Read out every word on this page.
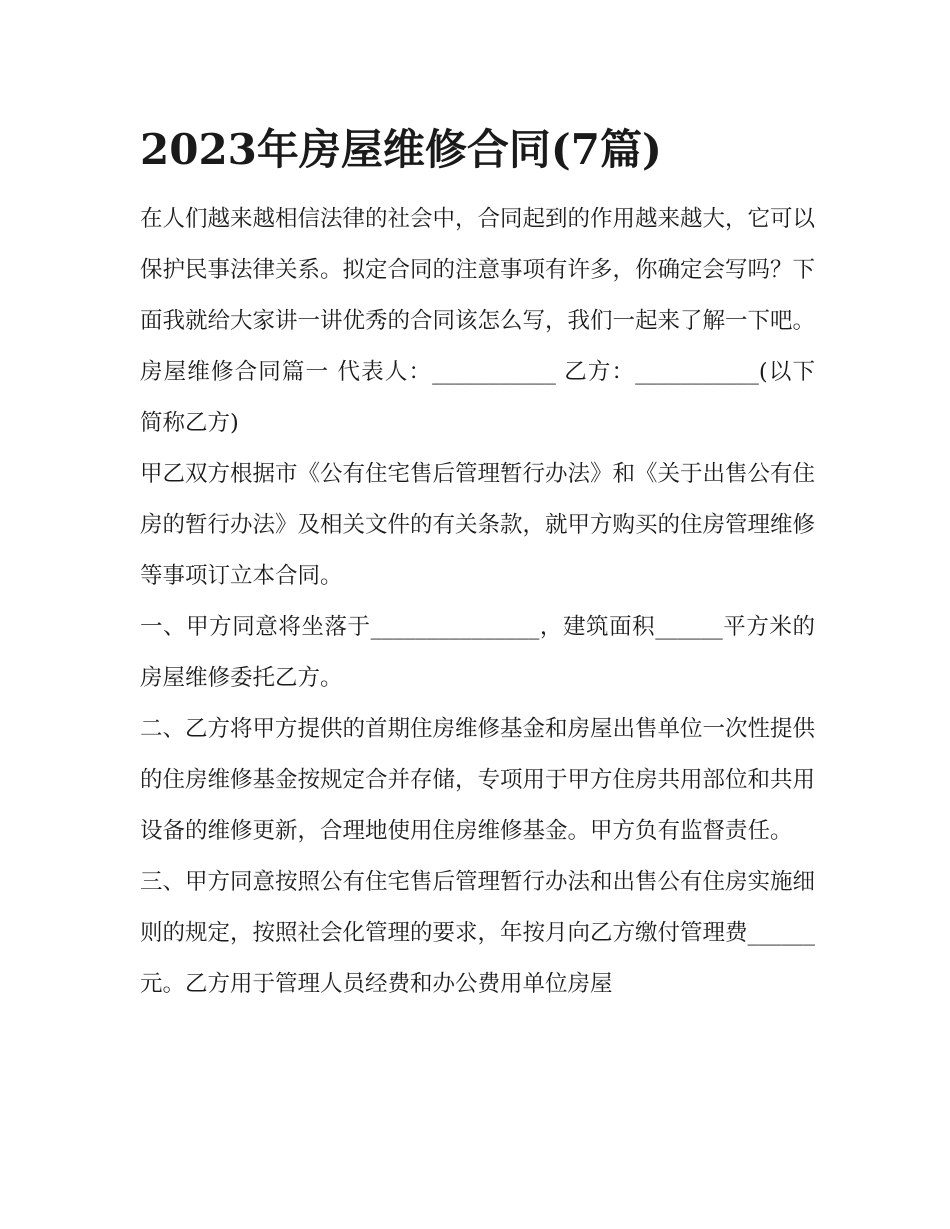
2023年房屋维修合同(7篇)

在人们越来越相信法律的社会中，合同起到的作用越来越大，它可以保护民事法律关系。拟定合同的注意事项有许多，你确定会写吗？下面我就给大家讲一讲优秀的合同该怎么写，我们一起来了解一下吧。

房屋维修合同篇一 代表人：___________ 乙方：___________(以下简称乙方)

甲乙双方根据市《公有住宅售后管理暂行办法》和《关于出售公有住房的暂行办法》及相关文件的有关条款，就甲方购买的住房管理维修等事项订立本合同。

一、甲方同意将坐落于_______________，建筑面积______平方米的房屋维修委托乙方。

二、乙方将甲方提供的首期住房维修基金和房屋出售单位一次性提供的住房维修基金按规定合并存储，专项用于甲方住房共用部位和共用设备的维修更新，合理地使用住房维修基金。甲方负有监督责任。

三、甲方同意按照公有住宅售后管理暂行办法和出售公有住房实施细则的规定，按照社会化管理的要求，年按月向乙方缴付管理费______元。乙方用于管理人员经费和办公费用单位房屋
